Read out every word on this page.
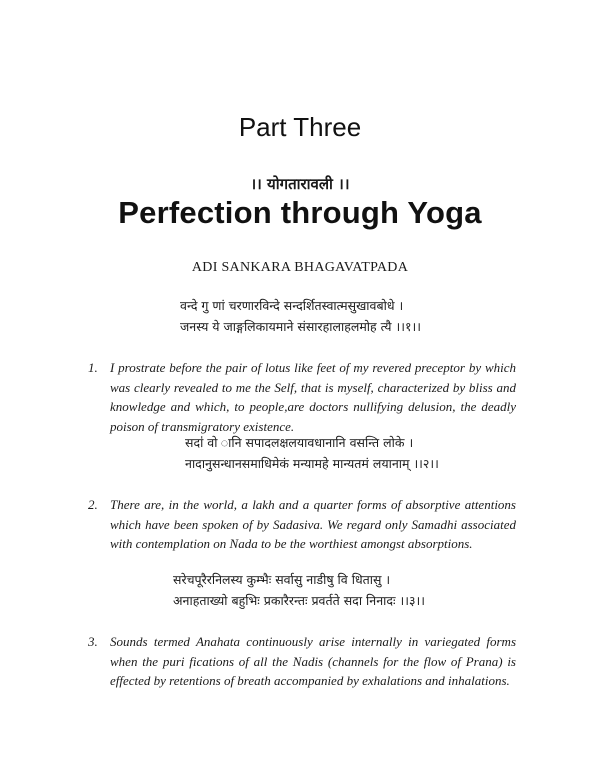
Part Three
।। योगतारावली ।।
Perfection through Yoga
ADI SANKARA BHAGAVATPADA
वन्दे गु णां चरणारविन्दे सन्दर्शितस्वात्मसुखावबोधे ।
जनस्य ये जाङ्गलिकायमाने संसारहालाहलमोह त्यै ।।१।।
1. I prostrate before the pair of lotus like feet of my revered preceptor by which was clearly revealed to me the Self, that is myself, characterized by bliss and knowledge and which, to people,are doctors nullifying delusion, the deadly poison of transmigratory existence.
सदा॑ वो ानि सपादलक्षलयावधानानि वसन्ति लोके ।
नादानुसन्धानसमाधिमेकं मन्यामहे मान्यतमं लयानाम् ।।२।।
2. There are, in the world, a lakh and a quarter forms of absorptive attentions which have been spoken of by Sadasiva. We regard only Samadhi associated with contemplation on Nada to be the worthiest amongst absorptions.
सरेचपूरैरनिलस्य कुम्भैः सर्वासु नाडीषु वि धितासु ।
अनाहताख्यो बहुभिः प्रकारैरन्तः प्रवर्तते सदा निनादः ।।३।।
3. Sounds termed Anahata continuously arise internally in variegated forms when the puri fications of all the Nadis (channels for the flow of Prana) is effected by retentions of breath accompanied by exhalations and inhalations.
